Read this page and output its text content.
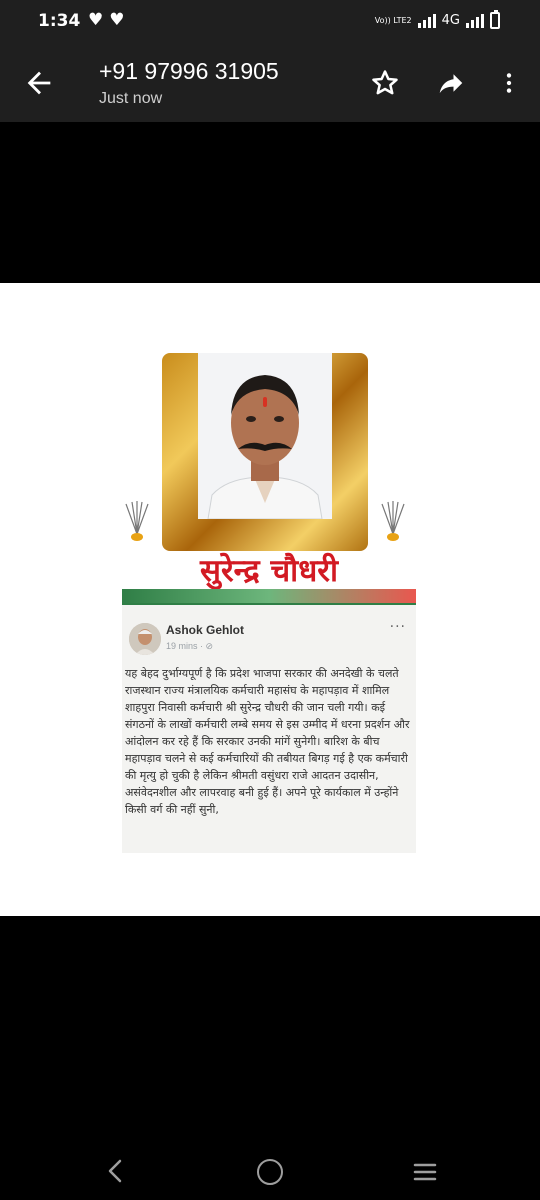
1:34 ♥♥	Vo)) LTE2 4G
+91 97996 31905
Just now
सुरेन्द्र चौधरी
Ashok Gehlot
19 mins · ⊘
···
यह बेहद दुर्भाग्यपूर्ण है कि प्रदेश भाजपा सरकार की अनदेखी के चलते राजस्थान राज्य मंत्रालयिक कर्मचारी महासंघ के महापड़ाव में शामिल शाहपुरा निवासी कर्मचारी श्री सुरेन्द्र चौधरी की जान चली गयी। कई संगठनों के लाखों कर्मचारी लम्बे समय से इस उम्मीद में धरना प्रदर्शन और आंदोलन कर रहे हैं कि सरकार उनकी मांगें सुनेगी। बारिश के बीच महापड़ाव चलने से कई कर्मचारियों की तबीयत बिगड़ गई है एक कर्मचारी की मृत्यु हो चुकी है लेकिन श्रीमती वसुंधरा राजे आदतन उदासीन, असंवेदनशील और लापरवाह बनी हुई हैं। अपने पूरे कार्यकाल में उन्होंने किसी वर्ग की नहीं सुनी,
